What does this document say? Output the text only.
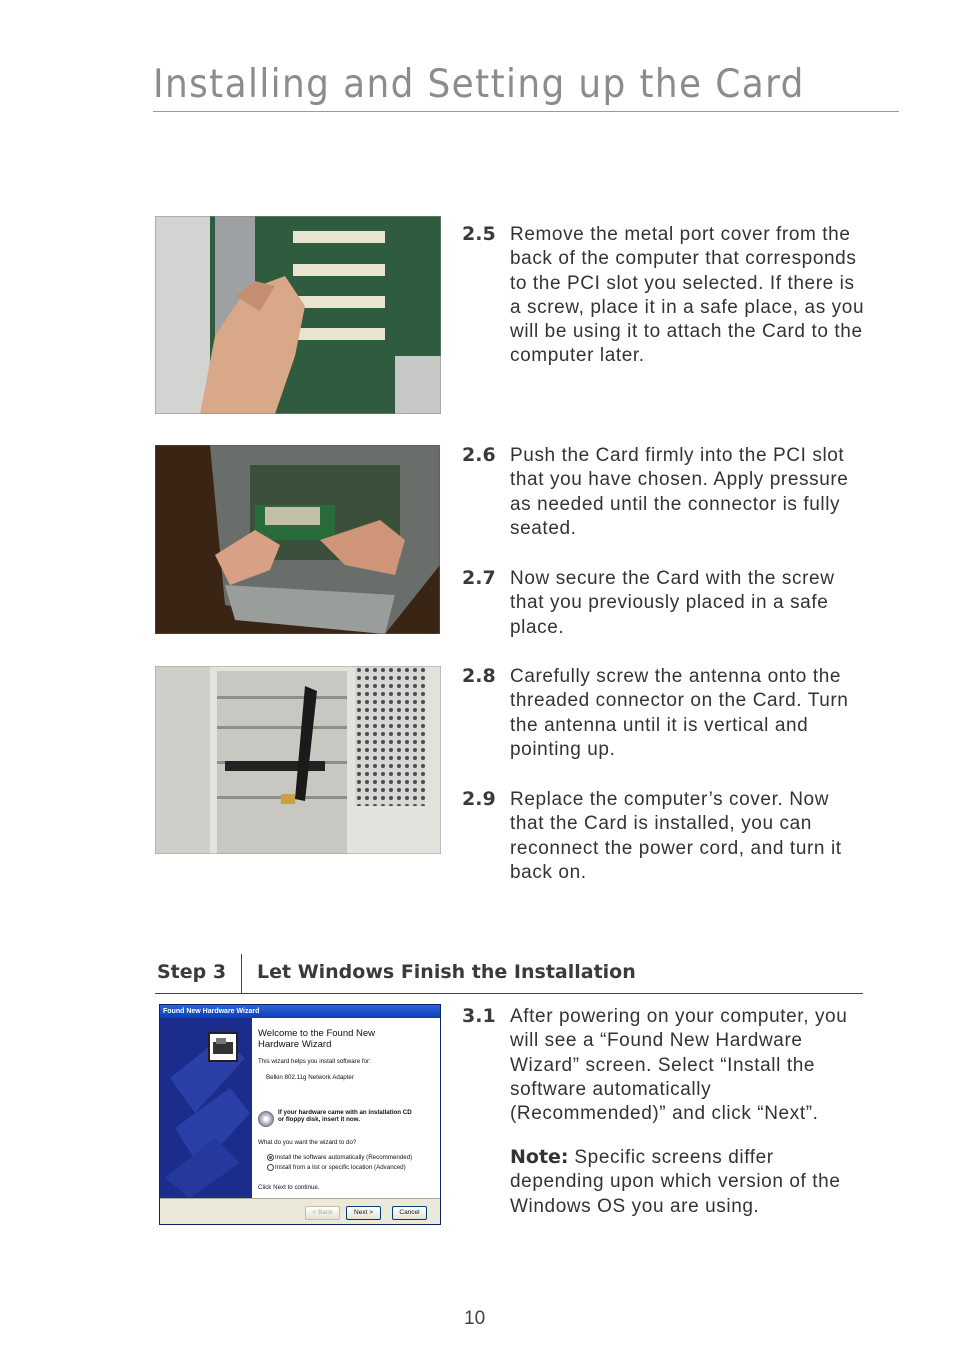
Installing and Setting up the Card
2.5 Remove the metal port cover from the back of the computer that corresponds to the PCI slot you selected. If there is a screw, place it in a safe place, as you will be using it to attach the Card to the computer later.
2.6 Push the Card firmly into the PCI slot that you have chosen. Apply pressure as needed until the connector is fully seated.
2.7 Now secure the Card with the screw that you previously placed in a safe place.
2.8 Carefully screw the antenna onto the threaded connector on the Card. Turn the antenna until it is vertical and pointing up.
2.9 Replace the computer’s cover. Now that the Card is installed, you can reconnect the power cord, and turn it back on.
Step 3 Let Windows Finish the Installation
Found New Hardware Wizard
Welcome to the Found New Hardware Wizard
This wizard helps you install software for:
Belkin 802.11g Network Adapter
If your hardware came with an installation CD
or floppy disk, insert it now.
What do you want the wizard to do?
Install the software automatically (Recommended)
Install from a list or specific location (Advanced)
Click Next to continue.
< Back	Next >	Cancel
3.1 After powering on your computer, you will see a “Found New Hardware Wizard” screen. Select “Install the software automatically (Recommended)” and click “Next”.
Note: Specific screens differ depending upon which version of the Windows OS you are using.
10
